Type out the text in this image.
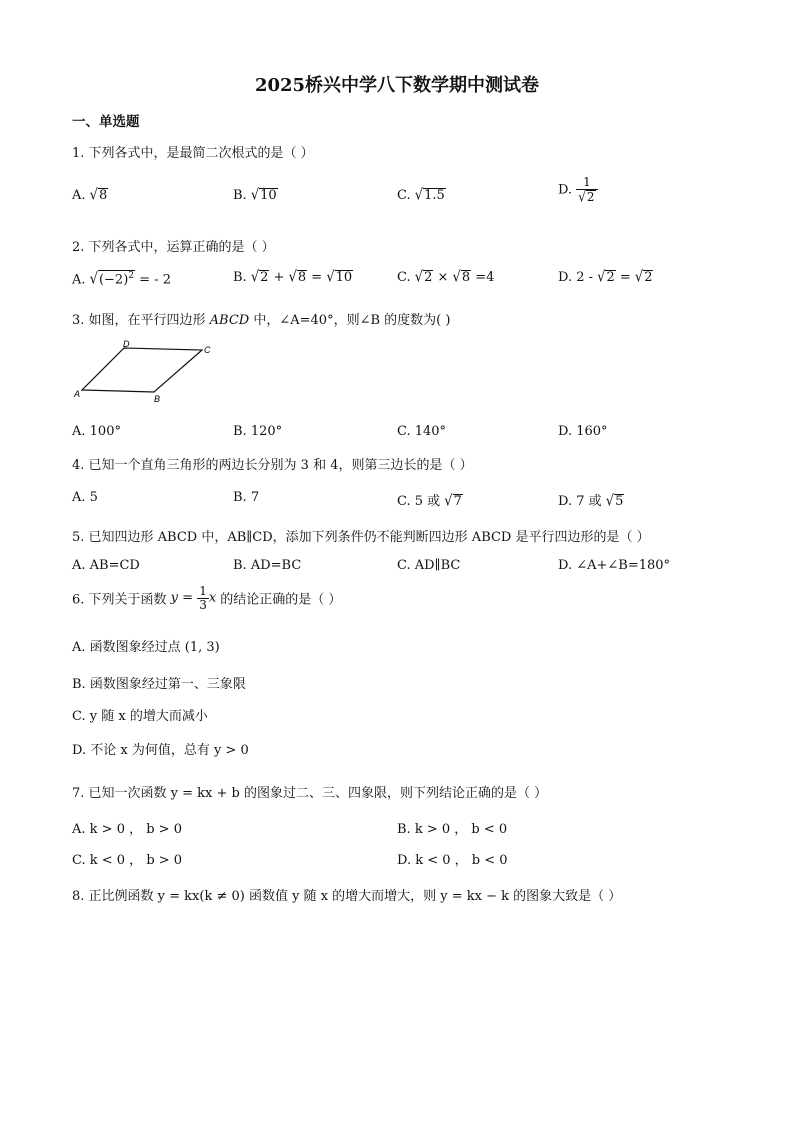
2025桥兴中学八下数学期中测试卷
一、单选题
1. 下列各式中，是最简二次根式的是（ ）
A. √8	B. √10	C. √1.5	D. $\frac{1}{√2}$
2. 下列各式中，运算正确的是（ ）
A. $√(-2)^2$ = - 2	B. √2 + √8 = √10	C. √2 × √8 =4	D. 2 - √2 = √2
3. 如图，在平行四边形 ABCD 中，∠A=40°，则∠B 的度数为( )
A	B
C
D
A. 100°	B. 120°	C. 140°	D. 160°
4. 已知一个直角三角形的两边长分别为 3 和 4，则第三边长的是（ ）
A. 5	B. 7	C. 5 或 √7	D. 7 或 √5
5. 已知四边形 ABCD 中，AB∥CD，添加下列条件仍不能判断四边形 ABCD 是平行四边形的是（ ）
A. AB=CD	B. AD=BC	C. AD∥BC	D. ∠A+∠B=180°
6. 下列关于函数 $y = \frac{1}{3}$ x 的结论正确的是（ ）
A. 函数图象经过点 (1, 3)
B. 函数图象经过第一、三象限
C. y 随 x 的增大而减小
D. 不论 x 为何值，总有 y > 0
7. 已知一次函数 y = kx + b 的图象过二、三、四象限，则下列结论正确的是（ ）
A. k > 0 ， b > 0	B. k > 0 ， b < 0
C. k < 0 ， b > 0	D. k < 0 ， b < 0
8. 正比例函数 y = kx(k ≠ 0) 函数值 y 随 x 的增大而增大，则 y = kx − k 的图象大致是（ ）
